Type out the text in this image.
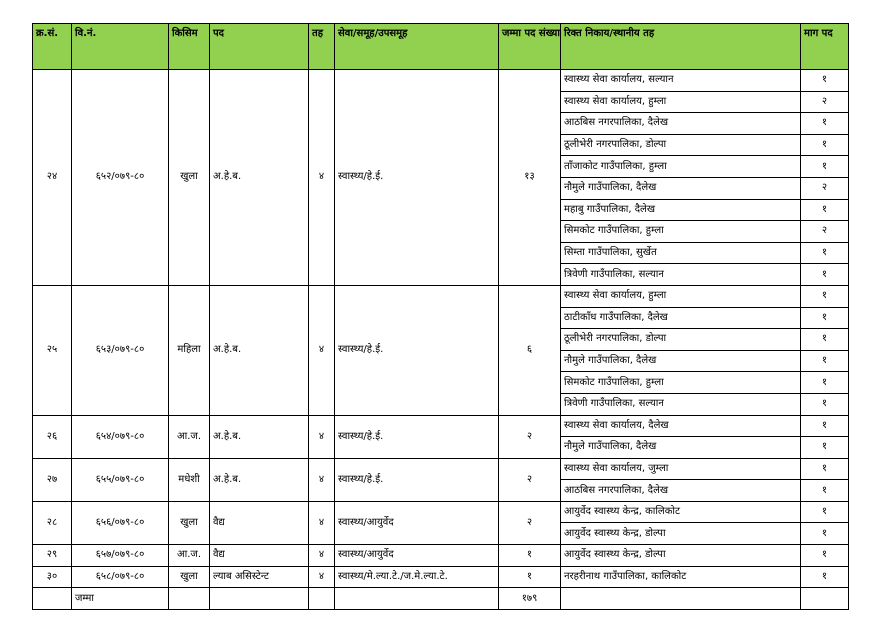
क्र.सं.	वि.नं.	किसिम	पद	तह	सेवा/समूह/उपसमूह	जम्मा पद संख्या	रिक्त निकाय/स्थानीय तह	माग पद
२४	६५२/०७९-८०	खुला	अ.हे.ब.	४	स्वास्थ्य/हे.ई.	१३	स्वास्थ्य सेवा कार्यालय, सल्यान	१
							स्वास्थ्य सेवा कार्यालय, हुम्ला	२
							आठबिस नगरपालिका, दैलेख	१
							ठूलीभेरी नगरपालिका, डोल्पा	१
							ताँजाकोट गाउँपालिका, हुम्ला	१
							नौमुले गाउँपालिका, दैलेख	२
							महाबु गाउँपालिका, दैलेख	१
							सिमकोट गाउँपालिका, हुम्ला	२
							सिम्ता गाउँपालिका, सुर्खेत	१
							त्रिवेणी गाउँपालिका, सल्यान	१
२५	६५३/०७९-८०	महिला	अ.हे.ब.	४	स्वास्थ्य/हे.ई.	६	स्वास्थ्य सेवा कार्यालय, हुम्ला	१
							ठाटीकाँध गाउँपालिका, दैलेख	१
							ठूलीभेरी नगरपालिका, डोल्पा	१
							नौमुले गाउँपालिका, दैलेख	१
							सिमकोट गाउँपालिका, हुम्ला	१
							त्रिवेणी गाउँपालिका, सल्यान	१
२६	६५४/०७९-८०	आ.ज.	अ.हे.ब.	४	स्वास्थ्य/हे.ई.	२	स्वास्थ्य सेवा कार्यालय, दैलेख	१
							नौमुले गाउँपालिका, दैलेख	१
२७	६५५/०७९-८०	मधेशी	अ.हे.ब.	४	स्वास्थ्य/हे.ई.	२	स्वास्थ्य सेवा कार्यालय, जुम्ला	१
							आठबिस नगरपालिका, दैलेख	१
२८	६५६/०७९-८०	खुला	वैद्य	४	स्वास्थ्य/आयुर्वेद	२	आयुर्वेद स्वास्थ्य केन्द्र, कालिकोट	१
							आयुर्वेद स्वास्थ्य केन्द्र, डोल्पा	१
२९	६५७/०७९-८०	आ.ज.	वैद्य	४	स्वास्थ्य/आयुर्वेद	१	आयुर्वेद स्वास्थ्य केन्द्र, डोल्पा	१
३०	६५८/०७९-८०	खुला	ल्याब असिस्टेन्ट	४	स्वास्थ्य/मे.ल्या.टे./ज.मे.ल्या.टे.	१	नरहरीनाथ गाउँपालिका, कालिकोट	१
	जम्मा					१७९		
